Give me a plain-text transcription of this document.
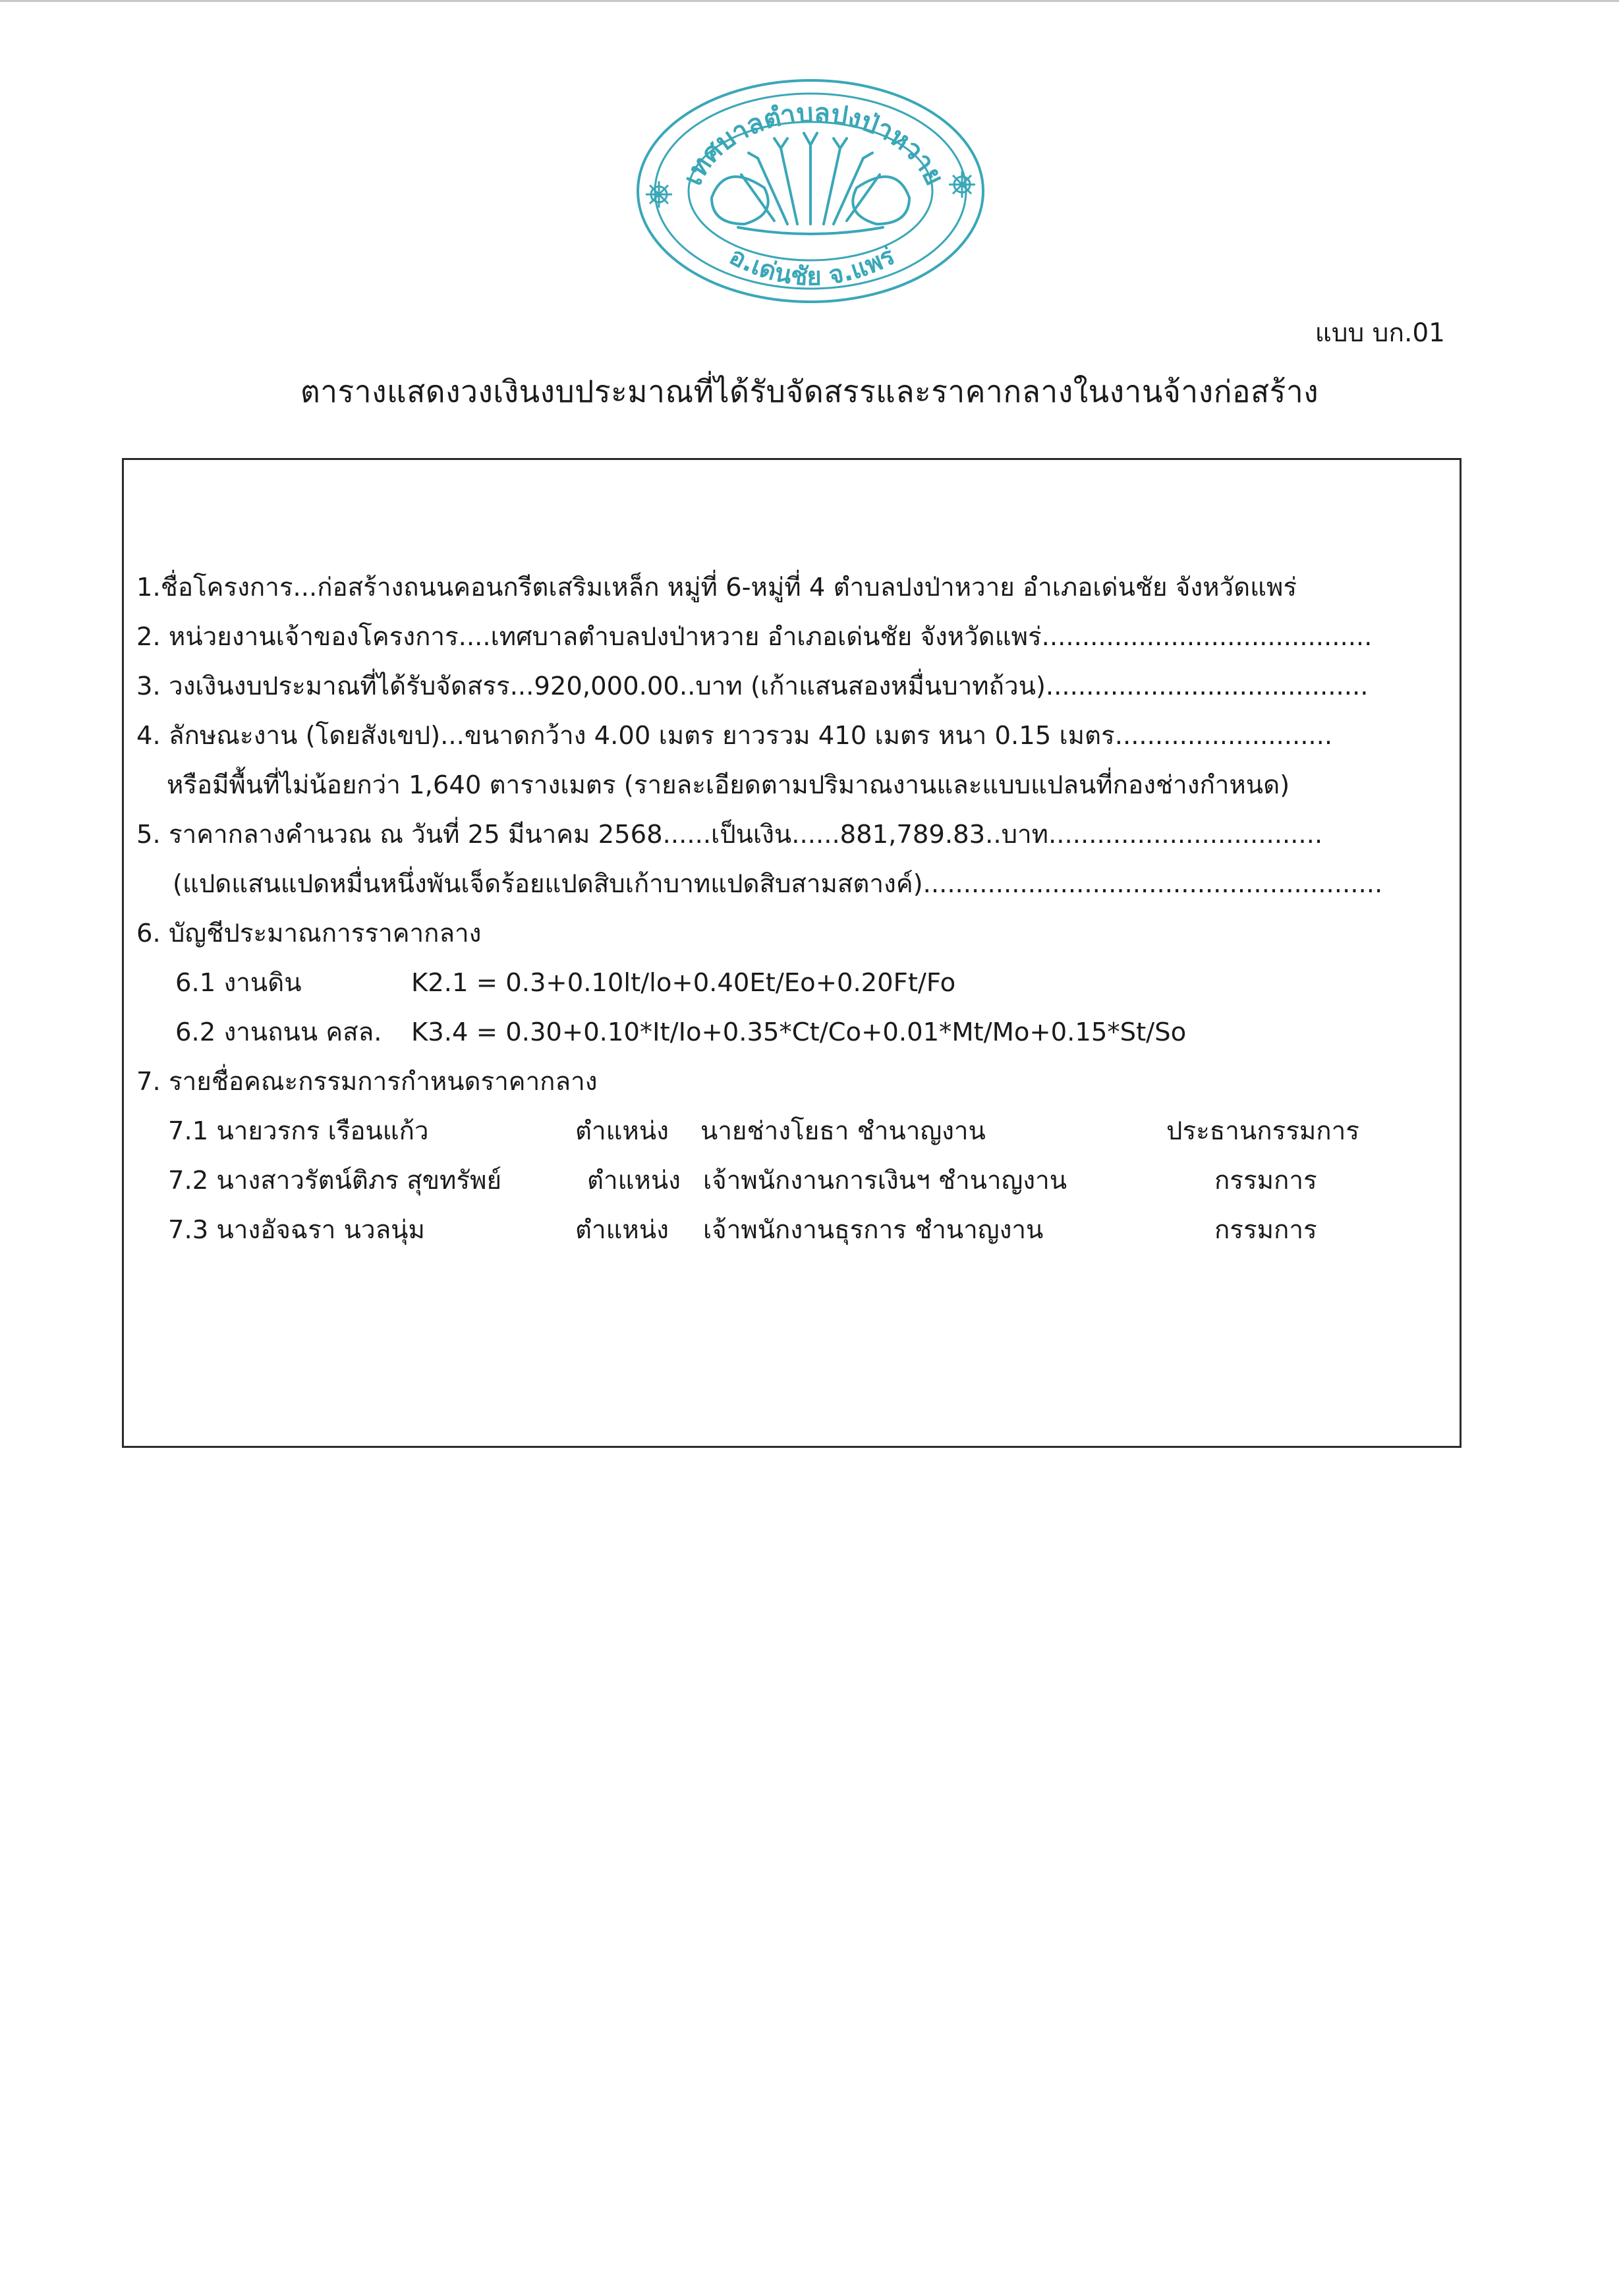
เทศบาลตำบลปงป่าหวาย
อ.เด่นชัย จ.แพร่
แบบ บก.01
ตารางแสดงวงเงินงบประมาณที่ได้รับจัดสรรและราคากลางในงานจ้างก่อสร้าง
1.ชื่อโครงการ...ก่อสร้างถนนคอนกรีตเสริมเหล็ก หมู่ที่ 6-หมู่ที่ 4 ตำบลปงป่าหวาย อำเภอเด่นชัย จังหวัดแพร่
2. หน่วยงานเจ้าของโครงการ....เทศบาลตำบลปงป่าหวาย อำเภอเด่นชัย จังหวัดแพร่.........................................
3. วงเงินงบประมาณที่ได้รับจัดสรร...920,000.00..บาท (เก้าแสนสองหมื่นบาทถ้วน)........................................
4. ลักษณะงาน (โดยสังเขป)...ขนาดกว้าง 4.00 เมตร ยาวรวม 410 เมตร หนา 0.15 เมตร...........................
หรือมีพื้นที่ไม่น้อยกว่า 1,640 ตารางเมตร (รายละเอียดตามปริมาณงานและแบบแปลนที่กองช่างกำหนด)
5. ราคากลางคำนวณ ณ วันที่ 25 มีนาคม 2568......เป็นเงิน......881,789.83..บาท..................................
(แปดแสนแปดหมื่นหนึ่งพันเจ็ดร้อยแปดสิบเก้าบาทแปดสิบสามสตางค์).........................................................
6. บัญชีประมาณการราคากลาง
6.1 งานดิน	K2.1 = 0.3+0.10lt/lo+0.40Et/Eo+0.20Ft/Fo
6.2 งานถนน คสล. K3.4 = 0.30+0.10*It/Io+0.35*Ct/Co+0.01*Mt/Mo+0.15*St/So
7. รายชื่อคณะกรรมการกำหนดราคากลาง
7.1 นายวรกร เรือนแก้ว	ตำแหน่ง นายช่างโยธา ชำนาญงาน	ประธานกรรมการ
7.2 นางสาวรัตน์ติภร สุขทรัพย์	ตำแหน่ง เจ้าพนักงานการเงินฯ ชำนาญงาน	กรรมการ
7.3 นางอัจฉรา นวลนุ่ม	ตำแหน่ง เจ้าพนักงานธุรการ ชำนาญงาน	กรรมการ
